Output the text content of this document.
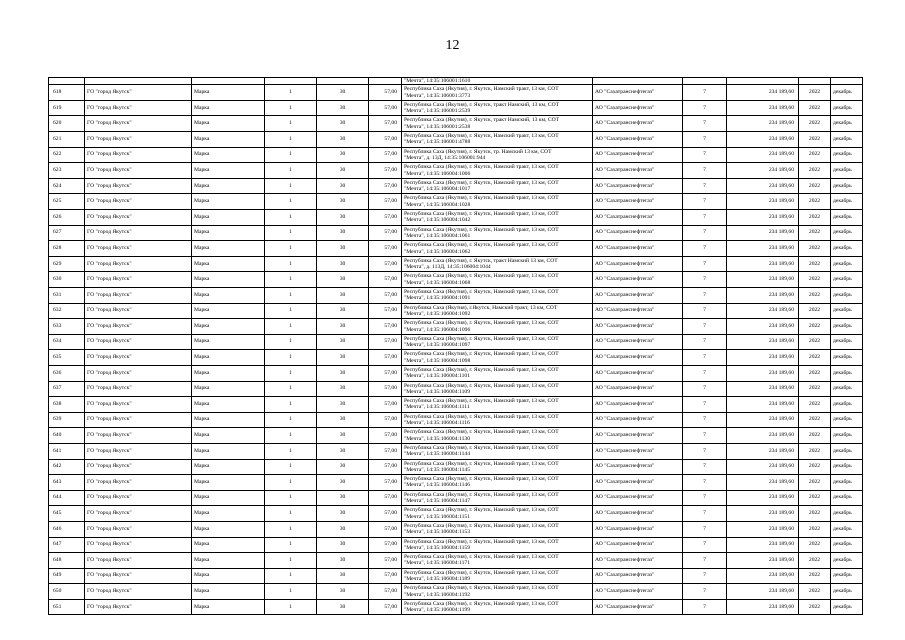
12
						"Мечта", 14:35:106001:1610					
618	ГО "город Якутск"	Марка	1	30	57,00	Республика Саха (Якутия), г. Якутск, Намский тракт, 13 км, СОТ
"Мечта", 14:35:106001:3773	АО "Сахатранснефтегаз"	7	234 189,60	2022	декабрь
619	ГО "город Якутск"	Марка	1	30	57,00	Республика Саха (Якутия), г. Якутск, тракт Намский, 13 км, СОТ
"Мечта", 14:35:106001:2539	АО "Сахатранснефтегаз"	7	234 189,60	2022	декабрь
620	ГО "город Якутск"	Марка	1	30	57,00	Республика Саха (Якутия), г. Якутск, тракт Намский, 13 км, СОТ
"Мечта", 14:35:106001:2538	АО "Сахатранснефтегаз"	7	234 189,60	2022	декабрь
621	ГО "город Якутск"	Марка	1	30	57,00	Республика Саха (Якутия), г. Якутск, Намский тракт, 13 км, СОТ
"Мечта", 14:35:106001:4788	АО "Сахатранснефтегаз"	7	234 189,60	2022	декабрь
622	ГО "город Якутск"	Марка	1	30	57,00	Республика Саха (Якутия), г. Якутск, тр. Намский 13 км, СОТ
"Мечта", д. 13Д, 14:35:106001:944	АО "Сахатранснефтегаз"	7	234 189,60	2022	декабрь
623	ГО "город Якутск"	Марка	1	30	57,00	Республика Саха (Якутия), г. Якутск, Намский тракт, 13 км, СОТ
"Мечта", 14:35:106004:1006	АО "Сахатранснефтегаз"	7	234 189,60	2022	декабрь
624	ГО "город Якутск"	Марка	1	30	57,00	Республика Саха (Якутия), г. Якутск, Намский тракт, 13 км, СОТ
"Мечта", 14:35:106004:1017	АО "Сахатранснефтегаз"	7	234 189,60	2022	декабрь
625	ГО "город Якутск"	Марка	1	30	57,00	Республика Саха (Якутия), г. Якутск, Намский тракт, 13 км, СОТ
"Мечта", 14:35:106004:1028	АО "Сахатранснефтегаз"	7	234 189,60	2022	декабрь
626	ГО "город Якутск"	Марка	1	30	57,00	Республика Саха (Якутия), г. Якутск, Намский тракт, 13 км, СОТ
"Мечта", 14:35:106004:1042	АО "Сахатранснефтегаз"	7	234 189,60	2022	декабрь
627	ГО "город Якутск"	Марка	1	30	57,00	Республика Саха (Якутия), г. Якутск, Намский тракт, 13 км, СОТ
"Мечта", 14:35:106004:1061	АО "Сахатранснефтегаз"	7	234 189,60	2022	декабрь
628	ГО "город Якутск"	Марка	1	30	57,00	Республика Саха (Якутия), г. Якутск, Намский тракт, 13 км, СОТ
"Мечта", 14:35:106004:1062	АО "Сахатранснефтегаз"	7	234 189,60	2022	декабрь
629	ГО "город Якутск"	Марка	1	30	57,00	Республика Саха (Якутия), г. Якутск, тракт Намский 13 км, СОТ
"Мечта", д. 113Д, 14:35:106004:1044	АО "Сахатранснефтегаз"	7	234 189,60	2022	декабрь
630	ГО "город Якутск"	Марка	1	30	57,00	Республика Саха (Якутия), г. Якутск, Намский тракт, 13 км, СОТ
"Мечта", 14:35:106004:1068	АО "Сахатранснефтегаз"	7	234 189,60	2022	декабрь
631	ГО "город Якутск"	Марка	1	30	57,00	Республика Саха (Якутия), г. Якутск, Намский тракт, 13 км, СОТ
"Мечта", 14:35:106004:1091	АО "Сахатранснефтегаз"	7	234 189,60	2022	декабрь
632	ГО "город Якутск"	Марка	1	30	57,00	Республика Саха (Якутия), г.Якутск, Намский тракт, 13 км, СОТ
"Мечта", 14:35:106004:1092	АО "Сахатранснефтегаз"	7	234 189,60	2022	декабрь
633	ГО "город Якутск"	Марка	1	30	57,00	Республика Саха (Якутия), г. Якутск, Намский тракт, 13 км, СОТ
"Мечта", 14:35:106004:1096	АО "Сахатранснефтегаз"	7	234 189,60	2022	декабрь
634	ГО "город Якутск"	Марка	1	30	57,00	Республика Саха (Якутия), г. Якутск, Намский тракт, 13 км, СОТ
"Мечта", 14:35:106004:1097	АО "Сахатранснефтегаз"	7	234 189,60	2022	декабрь
635	ГО "город Якутск"	Марка	1	30	57,00	Республика Саха (Якутия), г. Якутск, Намский тракт, 13 км, СОТ
"Мечта", 14:35:106004:1098	АО "Сахатранснефтегаз"	7	234 189,60	2022	декабрь
636	ГО "город Якутск"	Марка	1	30	57,00	Республика Саха (Якутия), г. Якутск, Намский тракт, 13 км, СОТ
"Мечта", 14:35:106004:1101	АО "Сахатранснефтегаз"	7	234 189,60	2022	декабрь
637	ГО "город Якутск"	Марка	1	30	57,00	Республика Саха (Якутия), г. Якутск, Намский тракт, 13 км, СОТ
"Мечта", 14:35:106004:1109	АО "Сахатранснефтегаз"	7	234 189,60	2022	декабрь
638	ГО "город Якутск"	Марка	1	30	57,00	Республика Саха (Якутия), г. Якутск, Намский тракт, 13 км, СОТ
"Мечта", 14:35:106004:1111	АО "Сахатранснефтегаз"	7	234 189,60	2022	декабрь
639	ГО "город Якутск"	Марка	1	30	57,00	Республика Саха (Якутия), г. Якутск, Намский тракт, 13 км, СОТ
"Мечта", 14:35:106004:1116	АО "Сахатранснефтегаз"	7	234 189,60	2022	декабрь
640	ГО "город Якутск"	Марка	1	30	57,00	Республика Саха (Якутия), г. Якутск, Намский тракт, 13 км, СОТ
"Мечта", 14:35:106004:1130	АО "Сахатранснефтегаз"	7	234 189,60	2022	декабрь
641	ГО "город Якутск"	Марка	1	30	57,00	Республика Саха (Якутия), г. Якутск, Намский тракт, 13 км, СОТ
"Мечта", 14:35:106004:1144	АО "Сахатранснефтегаз"	7	234 189,60	2022	декабрь
642	ГО "город Якутск"	Марка	1	30	57,00	Республика Саха (Якутия), г. Якутск, Намский тракт, 13 км, СОТ
"Мечта", 14:35:106004:1145	АО "Сахатранснефтегаз"	7	234 189,60	2022	декабрь
643	ГО "город Якутск"	Марка	1	30	57,00	Республика Саха (Якутия), г. Якутск, Намский тракт, 13 км, СОТ
"Мечта", 14:35:106004:1146	АО "Сахатранснефтегаз"	7	234 189,60	2022	декабрь
644	ГО "город Якутск"	Марка	1	30	57,00	Республика Саха (Якутия), г. Якутск, Намский тракт, 13 км, СОТ
"Мечта", 14:35:106004:1147	АО "Сахатранснефтегаз"	7	234 189,60	2022	декабрь
645	ГО "город Якутск"	Марка	1	30	57,00	Республика Саха (Якутия), г. Якутск, Намский тракт, 13 км, СОТ
"Мечта", 14:35:106004:1151	АО "Сахатранснефтегаз"	7	234 189,60	2022	декабрь
646	ГО "город Якутск"	Марка	1	30	57,00	Республика Саха (Якутия), г. Якутск, Намский тракт, 13 км, СОТ
"Мечта", 14:35:106004:1153	АО "Сахатранснефтегаз"	7	234 189,60	2022	декабрь
647	ГО "город Якутск"	Марка	1	30	57,00	Республика Саха (Якутия), г. Якутск, Намский тракт, 13 км, СОТ
"Мечта", 14:35:106004:1159	АО "Сахатранснефтегаз"	7	234 189,60	2022	декабрь
648	ГО "город Якутск"	Марка	1	30	57,00	Республика Саха (Якутия), г. Якутск, Намский тракт, 13 км, СОТ
"Мечта", 14:35:106004:1171	АО "Сахатранснефтегаз"	7	234 189,60	2022	декабрь
649	ГО "город Якутск"	Марка	1	30	57,00	Республика Саха (Якутия), г. Якутск, Намский тракт, 13 км, СОТ
"Мечта", 14:35:106004:1189	АО "Сахатранснефтегаз"	7	234 189,60	2022	декабрь
650	ГО "город Якутск"	Марка	1	30	57,00	Республика Саха (Якутия), г. Якутск, Намский тракт, 13 км, СОТ
"Мечта", 14:35:106004:1192	АО "Сахатранснефтегаз"	7	234 189,60	2022	декабрь
651	ГО "город Якутск"	Марка	1	30	57,00	Республика Саха (Якутия), г. Якутск, Намский тракт, 13 км, СОТ
"Мечта", 14:35:106004:1199	АО "Сахатранснефтегаз"	7	234 189,60	2022	декабрь
